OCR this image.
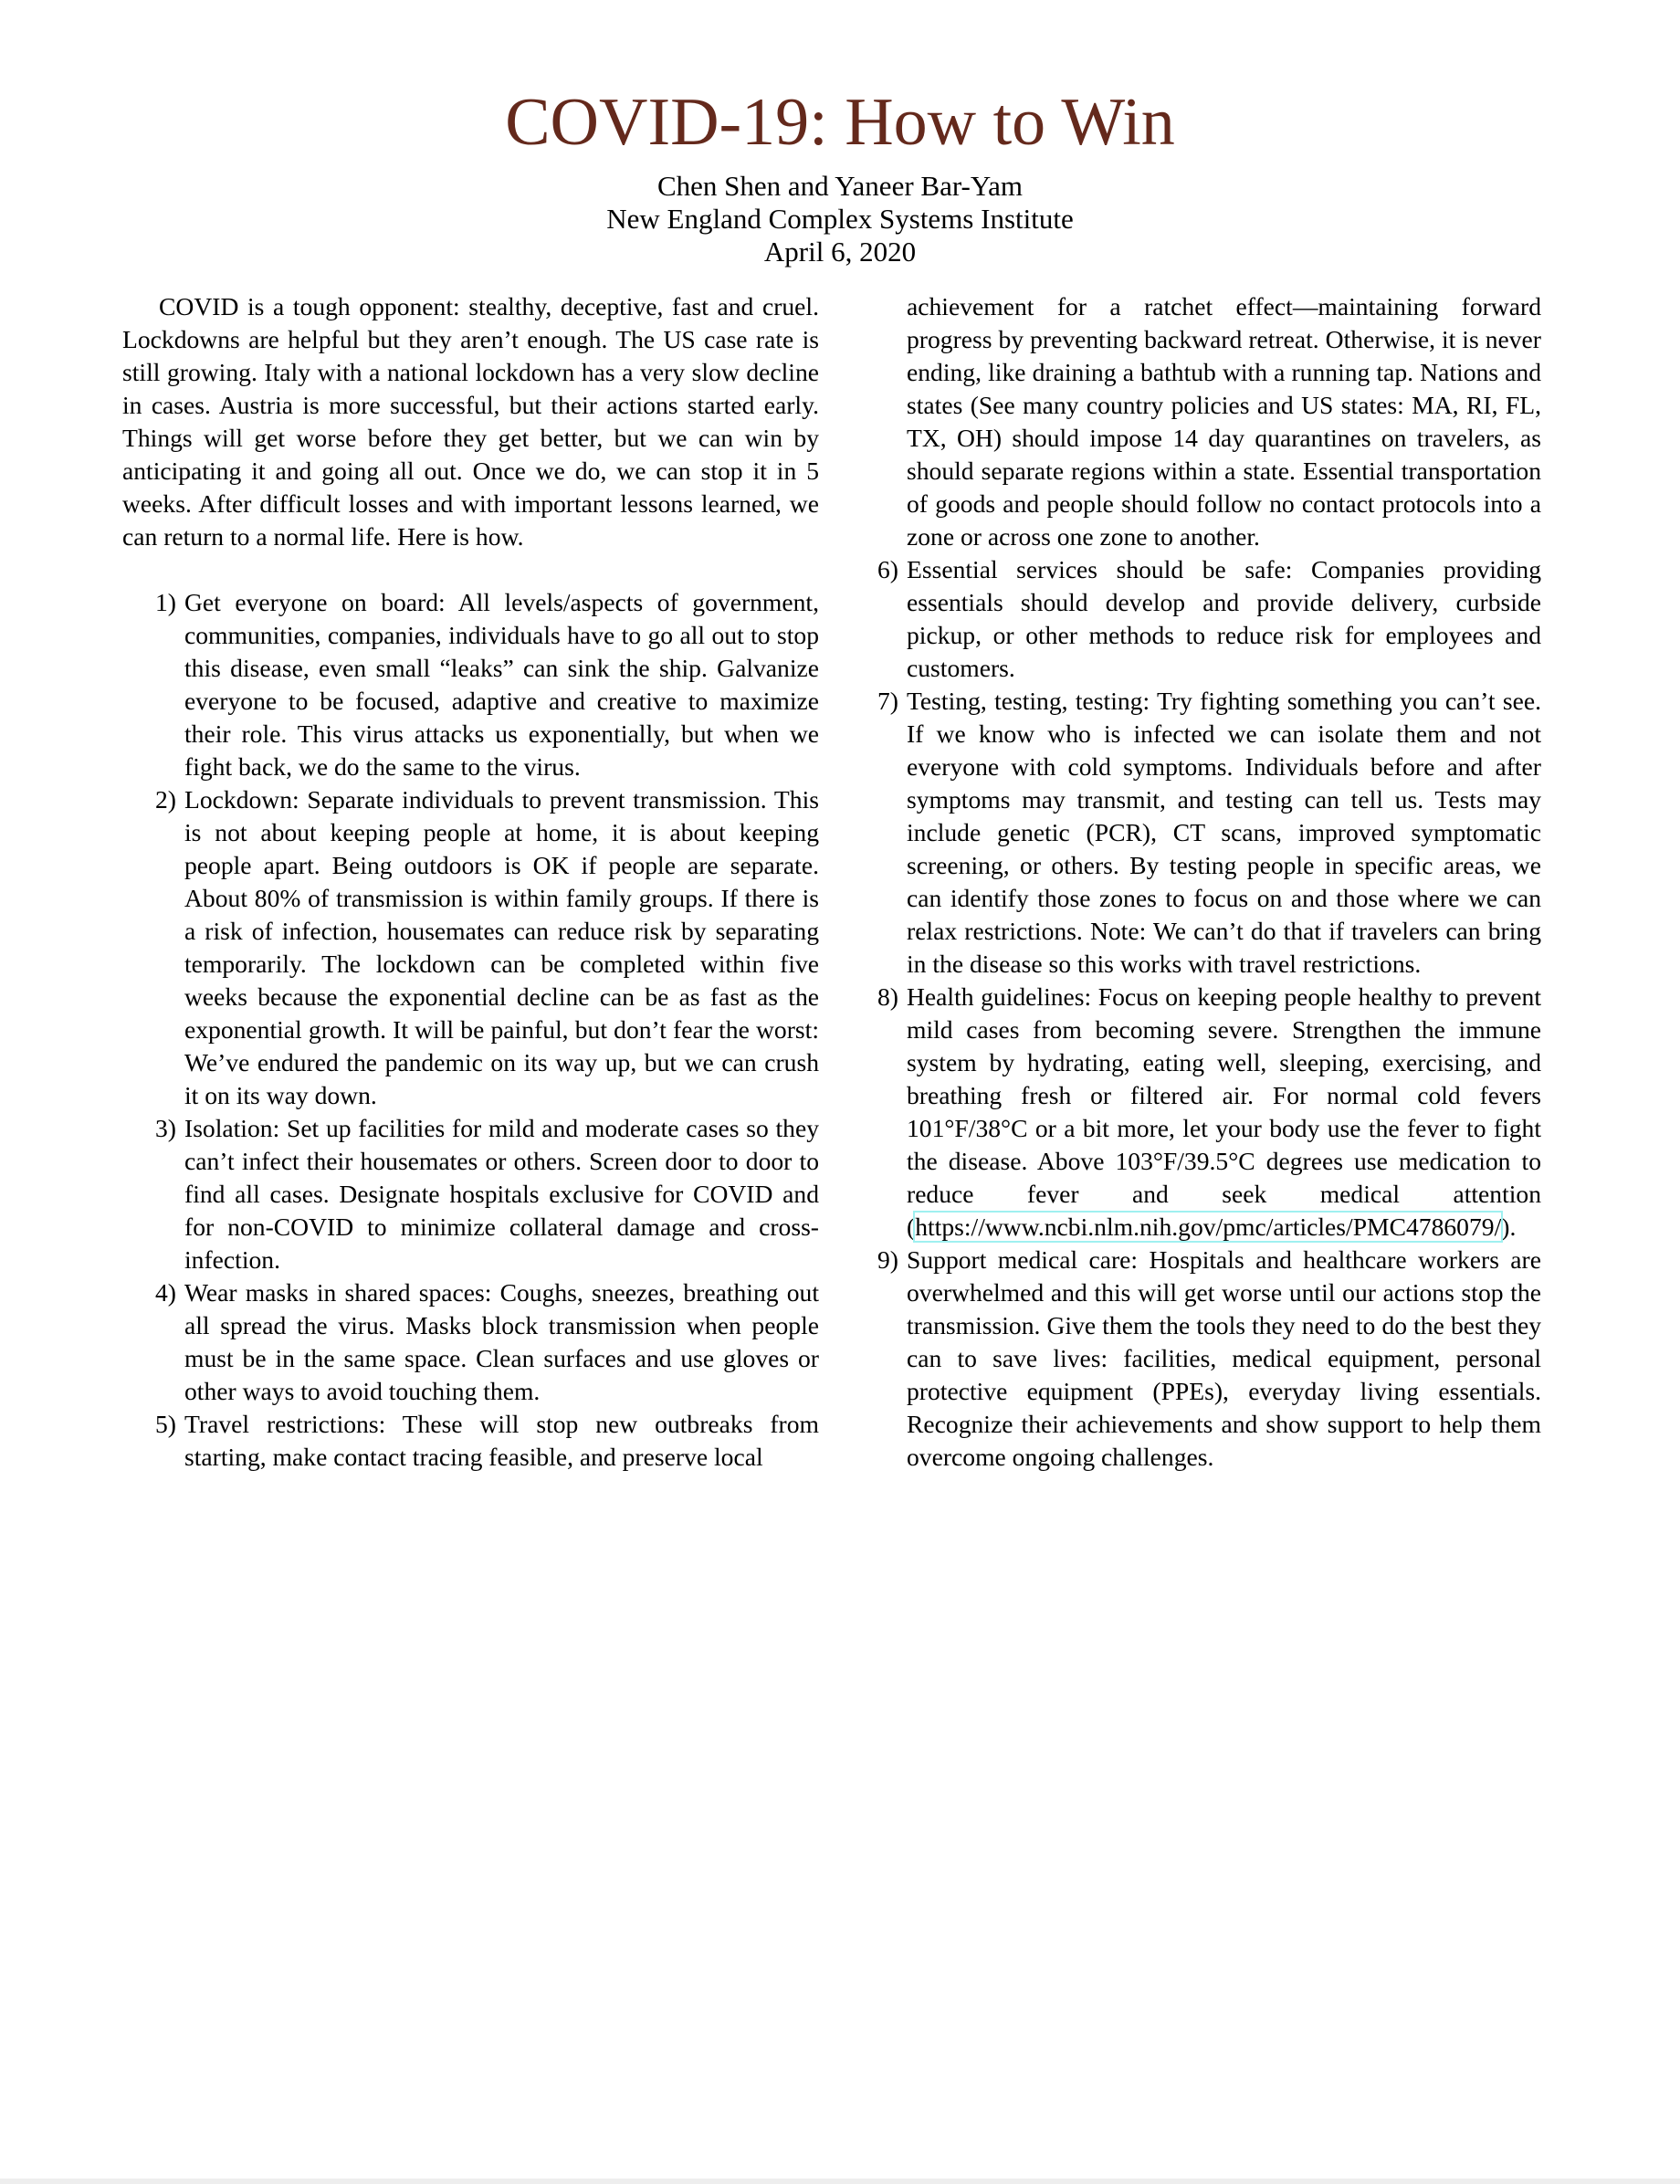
COVID-19: How to Win
Chen Shen and Yaneer Bar-Yam
New England Complex Systems Institute
April 6, 2020

COVID is a tough opponent: stealthy, deceptive, fast and cruel. Lockdowns are helpful but they aren’t enough. The US case rate is still growing. Italy with a national lockdown has a very slow decline in cases. Austria is more successful, but their actions started early. Things will get worse before they get better, but we can win by anticipating it and going all out. Once we do, we can stop it in 5 weeks. After difficult losses and with important lessons learned, we can return to a normal life. Here is how.

1) Get everyone on board: All levels/aspects of government, communities, companies, individuals have to go all out to stop this disease, even small “leaks” can sink the ship. Galvanize everyone to be focused, adaptive and creative to maximize their role. This virus attacks us exponentially, but when we fight back, we do the same to the virus.
2) Lockdown: Separate individuals to prevent transmission. This is not about keeping people at home, it is about keeping people apart. Being outdoors is OK if people are separate. About 80% of transmission is within family groups. If there is a risk of infection, housemates can reduce risk by separating temporarily. The lockdown can be completed within five weeks because the exponential decline can be as fast as the exponential growth. It will be painful, but don’t fear the worst: We’ve endured the pandemic on its way up, but we can crush it on its way down.
3) Isolation: Set up facilities for mild and moderate cases so they can’t infect their housemates or others. Screen door to door to find all cases. Designate hospitals exclusive for COVID and for non-COVID to minimize collateral damage and cross-infection.
4) Wear masks in shared spaces: Coughs, sneezes, breathing out all spread the virus. Masks block transmission when people must be in the same space. Clean surfaces and use gloves or other ways to avoid touching them.
5) Travel restrictions: These will stop new outbreaks from starting, make contact tracing feasible, and preserve local

achievement for a ratchet effect—maintaining forward progress by preventing backward retreat. Otherwise, it is never ending, like draining a bathtub with a running tap. Nations and states (See many country policies and US states: MA, RI, FL, TX, OH) should impose 14 day quarantines on travelers, as should separate regions within a state. Essential transportation of goods and people should follow no contact protocols into a zone or across one zone to another.

6) Essential services should be safe: Companies providing essentials should develop and provide delivery, curbside pickup, or other methods to reduce risk for employees and customers.
7) Testing, testing, testing: Try fighting something you can’t see. If we know who is infected we can isolate them and not everyone with cold symptoms. Individuals before and after symptoms may transmit, and testing can tell us. Tests may include genetic (PCR), CT scans, improved symptomatic screening, or others. By testing people in specific areas, we can identify those zones to focus on and those where we can relax restrictions. Note: We can’t do that if travelers can bring in the disease so this works with travel restrictions.
8) Health guidelines: Focus on keeping people healthy to prevent mild cases from becoming severe. Strengthen the immune system by hydrating, eating well, sleeping, exercising, and breathing fresh or filtered air. For normal cold fevers 101°F/38°C or a bit more, let your body use the fever to fight the disease. Above 103°F/39.5°C degrees use medication to reduce fever and seek medical attention (https://www.ncbi.nlm.nih.gov/pmc/articles/PMC4786079/).
9) Support medical care: Hospitals and healthcare workers are overwhelmed and this will get worse until our actions stop the transmission. Give them the tools they need to do the best they can to save lives: facilities, medical equipment, personal protective equipment (PPEs), everyday living essentials. Recognize their achievements and show support to help them overcome ongoing challenges.
